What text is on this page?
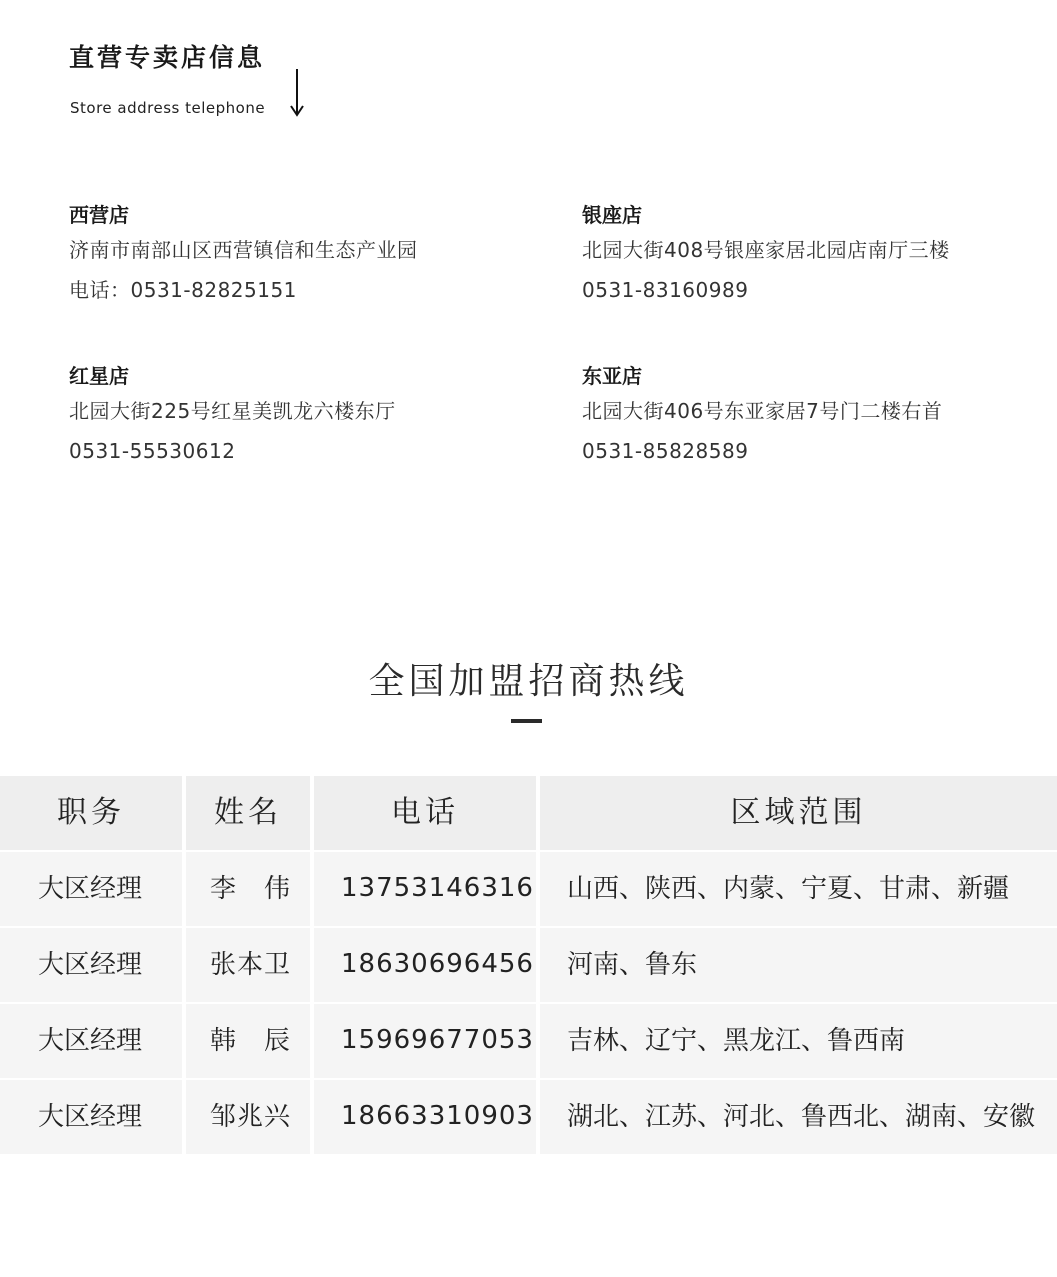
直营专卖店信息
Store address telephone
西营店
济南市南部山区西营镇信和生态产业园
电话：0531-82825151
银座店
北园大街408号银座家居北园店南厅三楼
0531-83160989
红星店
北园大街225号红星美凯龙六楼东厅
0531-55530612
东亚店
北园大街406号东亚家居7号门二楼右首
0531-85828589
全国加盟招商热线
职务	姓名	电话	区域范围
大区经理	李　伟	13753146316	山西、陕西、内蒙、宁夏、甘肃、新疆
大区经理	张本卫	18630696456	河南、鲁东
大区经理	韩　辰	15969677053	吉林、辽宁、黑龙江、鲁西南
大区经理	邹兆兴	18663310903	湖北、江苏、河北、鲁西北、湖南、安徽
